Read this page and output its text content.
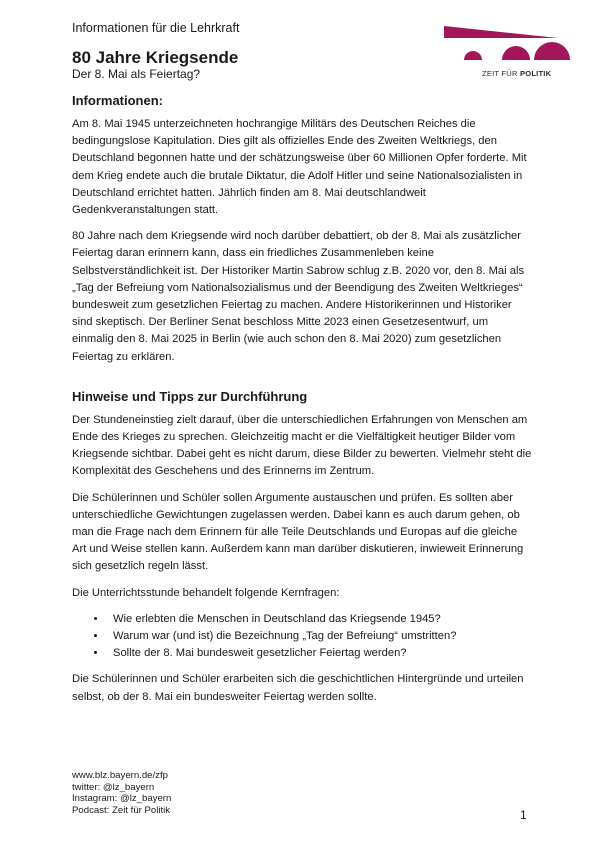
Informationen für die Lehrkraft
80 Jahre Kriegsende
Der 8. Mai als Feiertag?	ZEIT FÜR POLITIK
Informationen:

Am 8. Mai 1945 unterzeichneten hochrangige Militärs des Deutschen Reiches die bedingungslose Kapitulation. Dies gilt als offizielles Ende des Zweiten Weltkriegs, den Deutschland begonnen hatte und der schätzungsweise über 60 Millionen Opfer forderte. Mit dem Krieg endete auch die brutale Diktatur, die Adolf Hitler und seine Nationalsozialisten in Deutschland errichtet hatten. Jährlich finden am 8. Mai deutschlandweit Gedenkveranstaltungen statt.

80 Jahre nach dem Kriegsende wird noch darüber debattiert, ob der 8. Mai als zusätzlicher Feiertag daran erinnern kann, dass ein friedliches Zusammenleben keine Selbstverständlichkeit ist. Der Historiker Martin Sabrow schlug z.B. 2020 vor, den 8. Mai als „Tag der Befreiung vom Nationalsozialismus und der Beendigung des Zweiten Weltkrieges“ bundesweit zum gesetzlichen Feiertag zu machen. Andere Historikerinnen und Historiker sind skeptisch. Der Berliner Senat beschloss Mitte 2023 einen Gesetzesentwurf, um einmalig den 8. Mai 2025 in Berlin (wie auch schon den 8. Mai 2020) zum gesetzlichen Feiertag zu erklären.

Hinweise und Tipps zur Durchführung

Der Stundeneinstieg zielt darauf, über die unterschiedlichen Erfahrungen von Menschen am Ende des Krieges zu sprechen. Gleichzeitig macht er die Vielfältigkeit heutiger Bilder vom Kriegsende sichtbar. Dabei geht es nicht darum, diese Bilder zu bewerten. Vielmehr steht die Komplexität des Geschehens und des Erinnerns im Zentrum.

Die Schülerinnen und Schüler sollen Argumente austauschen und prüfen. Es sollten aber unterschiedliche Gewichtungen zugelassen werden. Dabei kann es auch darum gehen, ob man die Frage nach dem Erinnern für alle Teile Deutschlands und Europas auf die gleiche Art und Weise stellen kann. Außerdem kann man darüber diskutieren, inwieweit Erinnerung sich gesetzlich regeln lässt.

Die Unterrichtsstunde behandelt folgende Kernfragen:

• Wie erlebten die Menschen in Deutschland das Kriegsende 1945?
• Warum war (und ist) die Bezeichnung „Tag der Befreiung“ umstritten?
• Sollte der 8. Mai bundesweit gesetzlicher Feiertag werden?

Die Schülerinnen und Schüler erarbeiten sich die geschichtlichen Hintergründe und urteilen selbst, ob der 8. Mai ein bundesweiter Feiertag werden sollte.

www.blz.bayern.de/zfp
twitter: @lz_bayern
Instagram: @lz_bayern
Podcast: Zeit für Politik	1
